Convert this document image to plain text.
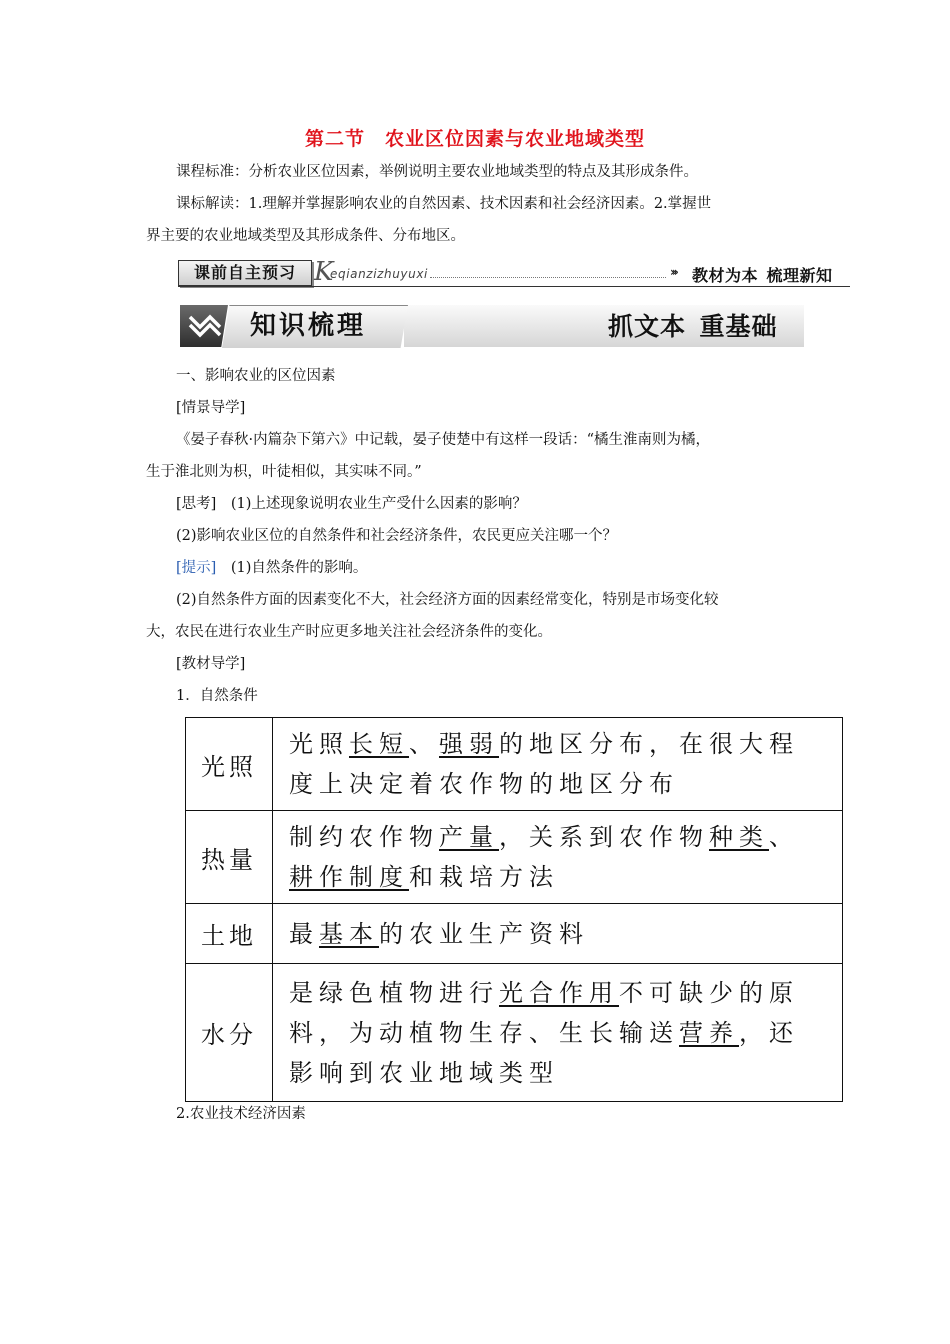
第二节　农业区位因素与农业地域类型
课程标准：分析农业区位因素，举例说明主要农业地域类型的特点及其形成条件。
课标解读：1.理解并掌握影响农业的自然因素、技术因素和社会经济因素。2.掌握世
界主要的农业地域类型及其形成条件、分布地区。
课前自主预习 K
eqianzizhuyuxi	››› 教材为本 梳理新知
知识梳理	抓文本 重基础
一、影响农业的区位因素
[情景导学]
《晏子春秋·内篇杂下第六》中记载，晏子使楚中有这样一段话：“橘生淮南则为橘，
生于淮北则为枳，叶徒相似，其实味不同。”
[思考]　(1)上述现象说明农业生产受什么因素的影响？
(2)影响农业区位的自然条件和社会经济条件，农民更应关注哪一个？
[提示]　(1)自然条件的影响。
(2)自然条件方面的因素变化不大，社会经济方面的因素经常变化，特别是市场变化较
大，农民在进行农业生产时应更多地关注社会经济条件的变化。
[教材导学]
1．自然条件
光照	光照长短、强弱的地区分布，在很大程度上决定着农作物的地区分布
热量	制约农作物产量，关系到农作物种类、耕作制度和栽培方法
土地	最基本的农业生产资料
水分	是绿色植物进行光合作用不可缺少的原料，为动植物生存、生长输送营养，还影响到农业地域类型
2.农业技术经济因素
